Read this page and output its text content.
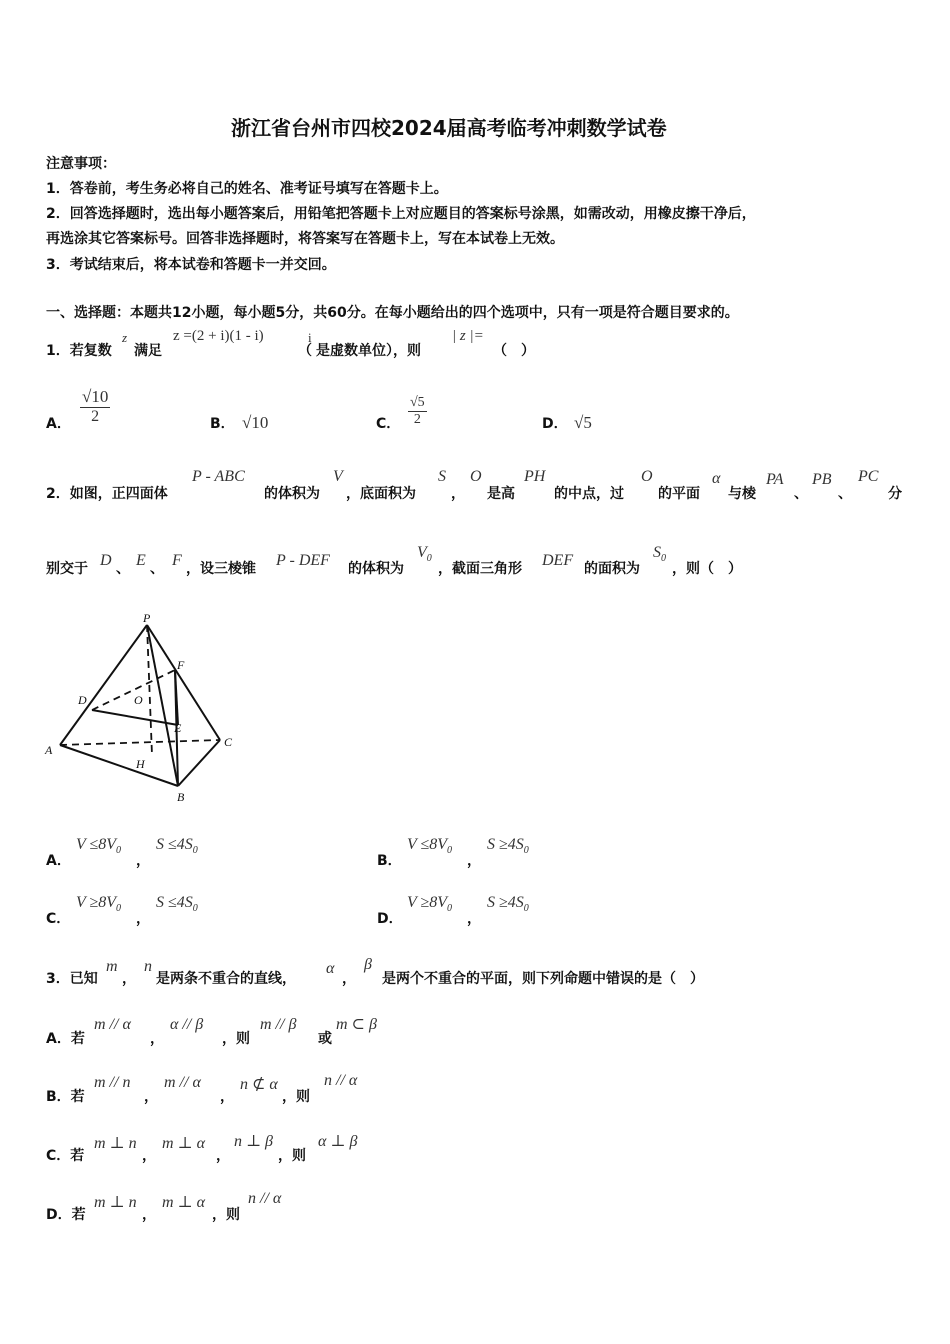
浙江省台州市四校2024届高考临考冲刺数学试卷
注意事项：
1．答卷前，考生务必将自己的姓名、准考证号填写在答题卡上。
2．回答选择题时，选出每小题答案后，用铅笔把答题卡上对应题目的答案标号涂黑，如需改动，用橡皮擦干净后，
再选涂其它答案标号。回答非选择题时，将答案写在答题卡上，写在本试卷上无效。
3．考试结束后，将本试卷和答题卡一并交回。
一、选择题：本题共12小题，每小题5分，共60分。在每小题给出的四个选项中，只有一项是符合题目要求的。
1．若复数
z
满足
z =(2 + i)(1 - i)
（
i
是虚数单位），则
| z |=
（　）
A． $\frac{√10}{2}$	B． √10	C． $\frac{√5}{2}$	D． √5
2．如图，正四面体
P - ABC
的体积为
V
，底面积为
S
，
O
是高
PH
的中点，过
O
的平面
α
与棱
PA
、
PB
、
PC
分
别交于 D 、 E 、 F ，设三棱锥 P - DEF 的体积为
$V_0$
，截面三角形 DEF 的面积为
$S_0$
，则（　）
P
F
D	O
E
A
C
H
B
A．
$V \le 8V_0$
，
$S \le 4S_0$
B．
$V \le 8V_0$
，
$S \ge 4S_0$
C．
$V \ge 8V_0$
，
$S \le 4S_0$
D．
$V \ge 8V_0$
，
$S \ge 4S_0$
3．已知
m
，
n
是两条不重合的直线，
α
，
β
是两个不重合的平面，则下列命题中错误的是（　）
A．若
m // α
，
α // β
，则
m // β
或
m ⊂ β
B．若
m // n
，
m // α
，
n ⊄ α
，则
n // α
C．若
m ⊥ n
，
m ⊥ α
，
n ⊥ β
，则
α ⊥ β
D．若
m ⊥ n
，
m ⊥ α
，则
n // α
